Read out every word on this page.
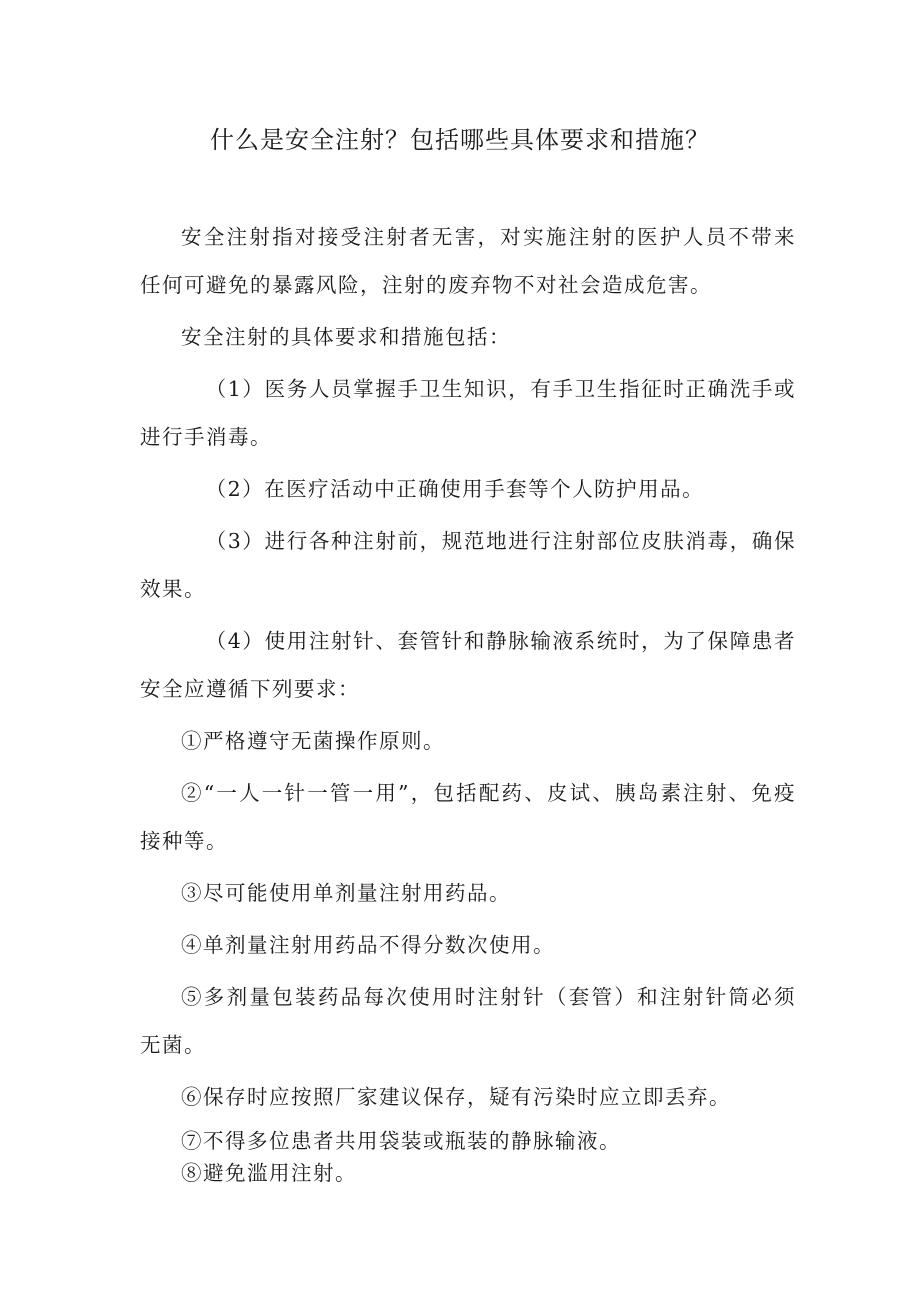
什么是安全注射？包括哪些具体要求和措施？

安全注射指对接受注射者无害，对实施注射的医护人员不带来任何可避免的暴露风险，注射的废弃物不对社会造成危害。

安全注射的具体要求和措施包括：

（1）医务人员掌握手卫生知识，有手卫生指征时正确洗手或进行手消毒。

（2）在医疗活动中正确使用手套等个人防护用品。

（3）进行各种注射前，规范地进行注射部位皮肤消毒，确保效果。

（4）使用注射针、套管针和静脉输液系统时，为了保障患者安全应遵循下列要求：

①严格遵守无菌操作原则。

②“一人一针一管一用”，包括配药、皮试、胰岛素注射、免疫接种等。

③尽可能使用单剂量注射用药品。

④单剂量注射用药品不得分数次使用。

⑤多剂量包装药品每次使用时注射针（套管）和注射针筒必须无菌。

⑥保存时应按照厂家建议保存，疑有污染时应立即丢弃。

⑦不得多位患者共用袋装或瓶装的静脉输液。

⑧避免滥用注射。
